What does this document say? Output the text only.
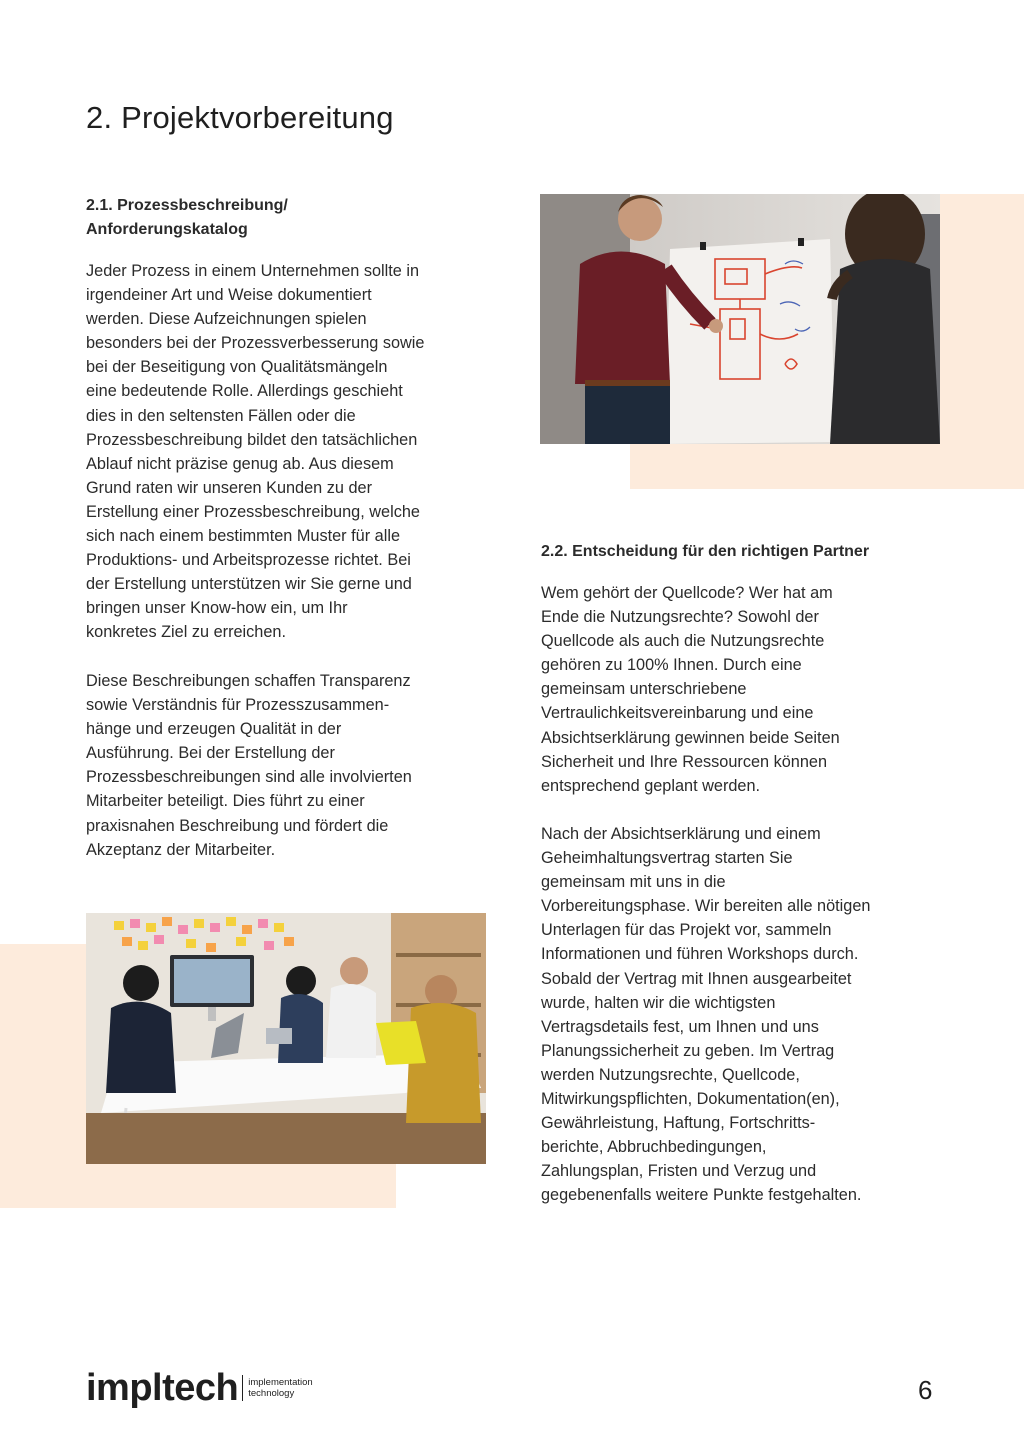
2. Projektvorbereitung
2.1. Prozessbeschreibung/
Anforderungskatalog

Jeder Prozess in einem Unternehmen sollte in
irgendeiner Art und Weise dokumentiert
werden. Diese Aufzeichnungen spielen
besonders bei der Prozessverbesserung sowie
bei der Beseitigung von Qualitätsmängeln
eine bedeutende Rolle. Allerdings geschieht
dies in den seltensten Fällen oder die
Prozessbeschreibung bildet den tatsächlichen
Ablauf nicht präzise genug ab. Aus diesem
Grund raten wir unseren Kunden zu der
Erstellung einer Prozessbeschreibung, welche
sich nach einem bestimmten Muster für alle
Produktions- und Arbeitsprozesse richtet. Bei
der Erstellung unterstützen wir Sie gerne und
bringen unser Know-how ein, um Ihr
konkretes Ziel zu erreichen.

Diese Beschreibungen schaffen Transparenz
sowie Verständnis für Prozesszusammen-
hänge und erzeugen Qualität in der
Ausführung. Bei der Erstellung der
Prozessbeschreibungen sind alle involvierten
Mitarbeiter beteiligt. Dies führt zu einer
praxisnahen Beschreibung und fördert die
Akzeptanz der Mitarbeiter.

2.2. Entscheidung für den richtigen Partner

Wem gehört der Quellcode? Wer hat am
Ende die Nutzungsrechte? Sowohl der
Quellcode als auch die Nutzungsrechte
gehören zu 100% Ihnen. Durch eine
gemeinsam unterschriebene
Vertraulichkeitsvereinbarung und eine
Absichtserklärung gewinnen beide Seiten
Sicherheit und Ihre Ressourcen können
entsprechend geplant werden.

Nach der Absichtserklärung und einem
Geheimhaltungsvertrag starten Sie
gemeinsam mit uns in die
Vorbereitungsphase. Wir bereiten alle nötigen
Unterlagen für das Projekt vor, sammeln
Informationen und führen Workshops durch.
Sobald der Vertrag mit Ihnen ausgearbeitet
wurde, halten wir die wichtigsten
Vertragsdetails fest, um Ihnen und uns
Planungssicherheit zu geben. Im Vertrag
werden Nutzungsrechte, Quellcode,
Mitwirkungspflichten, Dokumentation(en),
Gewährleistung, Haftung, Fortschritts-
berichte, Abbruchbedingungen,
Zahlungsplan, Fristen und Verzug und
gegebenenfalls weitere Punkte festgehalten.

impltech implementation
technology	6
